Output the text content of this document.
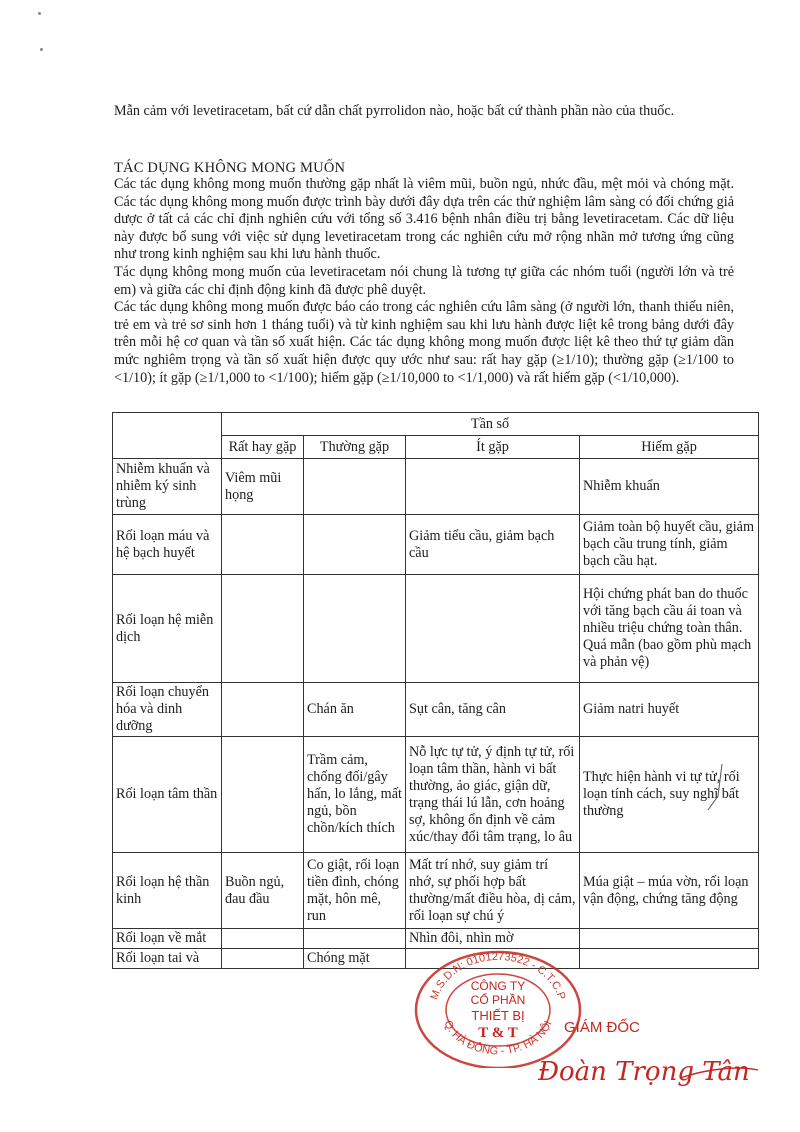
Mẫn cảm với levetiracetam, bất cứ dẫn chất pyrrolidon nào, hoặc bất cứ thành phần nào của thuốc.

TÁC DỤNG KHÔNG MONG MUỐN

Các tác dụng không mong muốn thường gặp nhất là viêm mũi, buồn ngủ, nhức đầu, mệt mỏi và chóng mặt. Các tác dụng không mong muốn được trình bày dưới đây dựa trên các thử nghiệm lâm sàng có đối chứng giả dược ở tất cả các chỉ định nghiên cứu với tổng số 3.416 bệnh nhân điều trị bằng levetiracetam. Các dữ liệu này được bổ sung với việc sử dụng levetiracetam trong các nghiên cứu mở rộng nhãn mở tương ứng cũng như trong kinh nghiệm sau khi lưu hành thuốc.
Tác dụng không mong muốn của levetiracetam nói chung là tương tự giữa các nhóm tuổi (người lớn và trẻ em) và giữa các chỉ định động kinh đã được phê duyệt.
Các tác dụng không mong muốn được báo cáo trong các nghiên cứu lâm sàng (ở người lớn, thanh thiếu niên, trẻ em và trẻ sơ sinh hơn 1 tháng tuổi) và từ kinh nghiệm sau khi lưu hành được liệt kê trong bảng dưới đây trên mỗi hệ cơ quan và tần số xuất hiện. Các tác dụng không mong muốn được liệt kê theo thứ tự giảm dần mức nghiêm trọng và tần số xuất hiện được quy ước như sau: rất hay gặp (≥1/10); thường gặp (≥1/100 to <1/10); ít gặp (≥1/1,000 to <1/100); hiếm gặp (≥1/10,000 to <1/1,000) và rất hiếm gặp (<1/10,000).

	Tần số			
	Rất hay gặp	Thường gặp	Ít gặp	Hiếm gặp
Nhiễm khuẩn và nhiễm ký sinh trùng	Viêm mũi họng			Nhiễm khuẩn
Rối loạn máu và hệ bạch huyết			Giảm tiểu cầu, giảm bạch cầu	Giảm toàn bộ huyết cầu, giảm bạch cầu trung tính, giảm bạch cầu hạt.
Rối loạn hệ miễn dịch				Hội chứng phát ban do thuốc với tăng bạch cầu ái toan và nhiều triệu chứng toàn thân.
Quá mẫn (bao gồm phù mạch và phản vệ)
Rối loạn chuyển hóa và dinh dưỡng		Chán ăn	Sụt cân, tăng cân	Giảm natri huyết
Rối loạn tâm thần		Trầm cảm, chống đối/gây hấn, lo lắng, mất ngủ, bồn chồn/kích thích	Nỗ lực tự tử, ý định tự tử, rối loạn tâm thần, hành vi bất thường, ảo giác, giận dữ, trạng thái lú lẫn, cơn hoảng sợ, không ổn định về cảm xúc/thay đổi tâm trạng, lo âu	Thực hiện hành vi tự tử, rối loạn tính cách, suy nghĩ bất thường
Rối loạn hệ thần kinh	Buồn ngủ, đau đầu	Co giật, rối loạn tiền đình, chóng mặt, hôn mê, run	Mất trí nhớ, suy giảm trí nhớ, sự phối hợp bất thường/mất điều hòa, dị cảm, rối loạn sự chú ý	Múa giật – múa vờn, rối loạn vận động, chứng tăng động
Rối loạn về mắt			Nhìn đôi, nhìn mờ	
Rối loạn tai và		Chóng mặt		
M.S.D.N: 0101273522 - C.T.C.P
Q. HÀ ĐÔNG - TP. HÀ NỘI
CÔNG TY
CỔ PHẦN
THIẾT BỊ
T & T	GIÁM ĐỐC
Đoàn Trọng Tân
